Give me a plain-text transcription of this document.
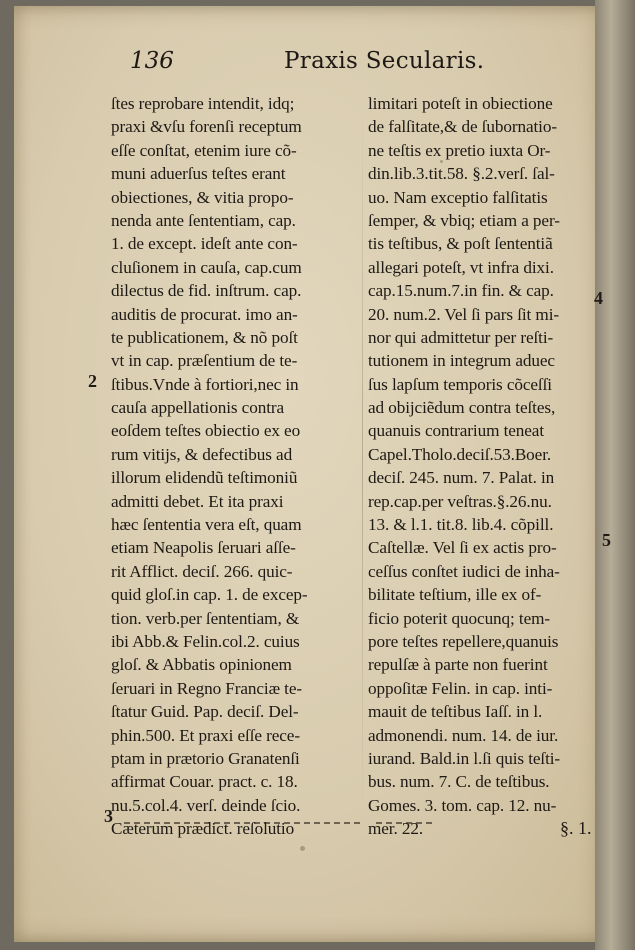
136	Praxis Secularis.
ſtes reprobare intendit, idq;
praxi &vſu forenſi receptum
eſſe conſtat, etenim iure cõ-
muni aduerſus teſtes erant
obiectiones, & vitia propo-
nenda ante ſententiam, cap.
1. de except. ideſt ante con-
cluſionem in cauſa, cap.cum
dilectus de fid. inſtrum. cap.
auditis de procurat. imo an-
te publicationem, & nõ poſt
vt in cap. præſentium de te-
ſtibus.Vnde à fortiori,nec in
cauſa appellationis contra
eoſdem teſtes obiectio ex eo
rum vitijs, & defectibus ad
illorum elidendũ teſtimoniũ
admitti debet. Et ita praxi
hæc ſententia vera eſt, quam
etiam Neapolis ſeruari aſſe-
rit Afflict. deciſ. 266. quic-
quid gloſ.in cap. 1. de excep-
tion. verb.per ſententiam, &
ibi Abb.& Felin.col.2. cuius
gloſ. & Abbatis opinionem
ſeruari in Regno Franciæ te-
ſtatur Guid. Pap. deciſ. Del-
phin.500. Et praxi eſſe rece-
ptam in prætorio Granatenſi
affirmat Couar. pract. c. 18.
nu.5.col.4. verſ. deinde ſcio.
Cæterum prædict. reſolutio
limitari poteſt in obiectione
de falſitate,& de ſubornatio-
ne teſtis ex pretio iuxta Or-
din.lib.3.tit.58. §.2.verſ. ſal-
uo. Nam exceptio falſitatis
ſemper, & vbiq; etiam a per-
tis teſtibus, & poſt ſententiã
allegari poteſt, vt infra dixi.
cap.15.num.7.in fin. & cap.
20. num.2. Vel ſi pars ſit mi-
nor qui admittetur per reſti-
tutionem in integrum aduec
ſus lapſum temporis cõceſſi
ad obijciẽdum contra teſtes,
quanuis contrarium teneat
Capel.Tholo.deciſ.53.Boer.
deciſ. 245. num. 7. Palat. in
rep.cap.per veſtras.§.26.nu.
13. & l.1. tit.8. lib.4. cõpill.
Caſtellæ. Vel ſi ex actis pro-
ceſſus conſtet iudici de inha-
bilitate teſtium, ille ex of-
ficio poterit quocunq; tem-
pore teſtes repellere,quanuis
repulſæ à parte non fuerint
oppoſitæ Felin. in cap. inti-
mauit de teſtibus Iaſſ. in l.
admonendi. num. 14. de iur.
iurand. Bald.in l.ſi quis teſti-
bus. num. 7. C. de teſtibus.
Gomes. 3. tom. cap. 12. nu-
mer. 22.
2
3
4
5
§. 1.
